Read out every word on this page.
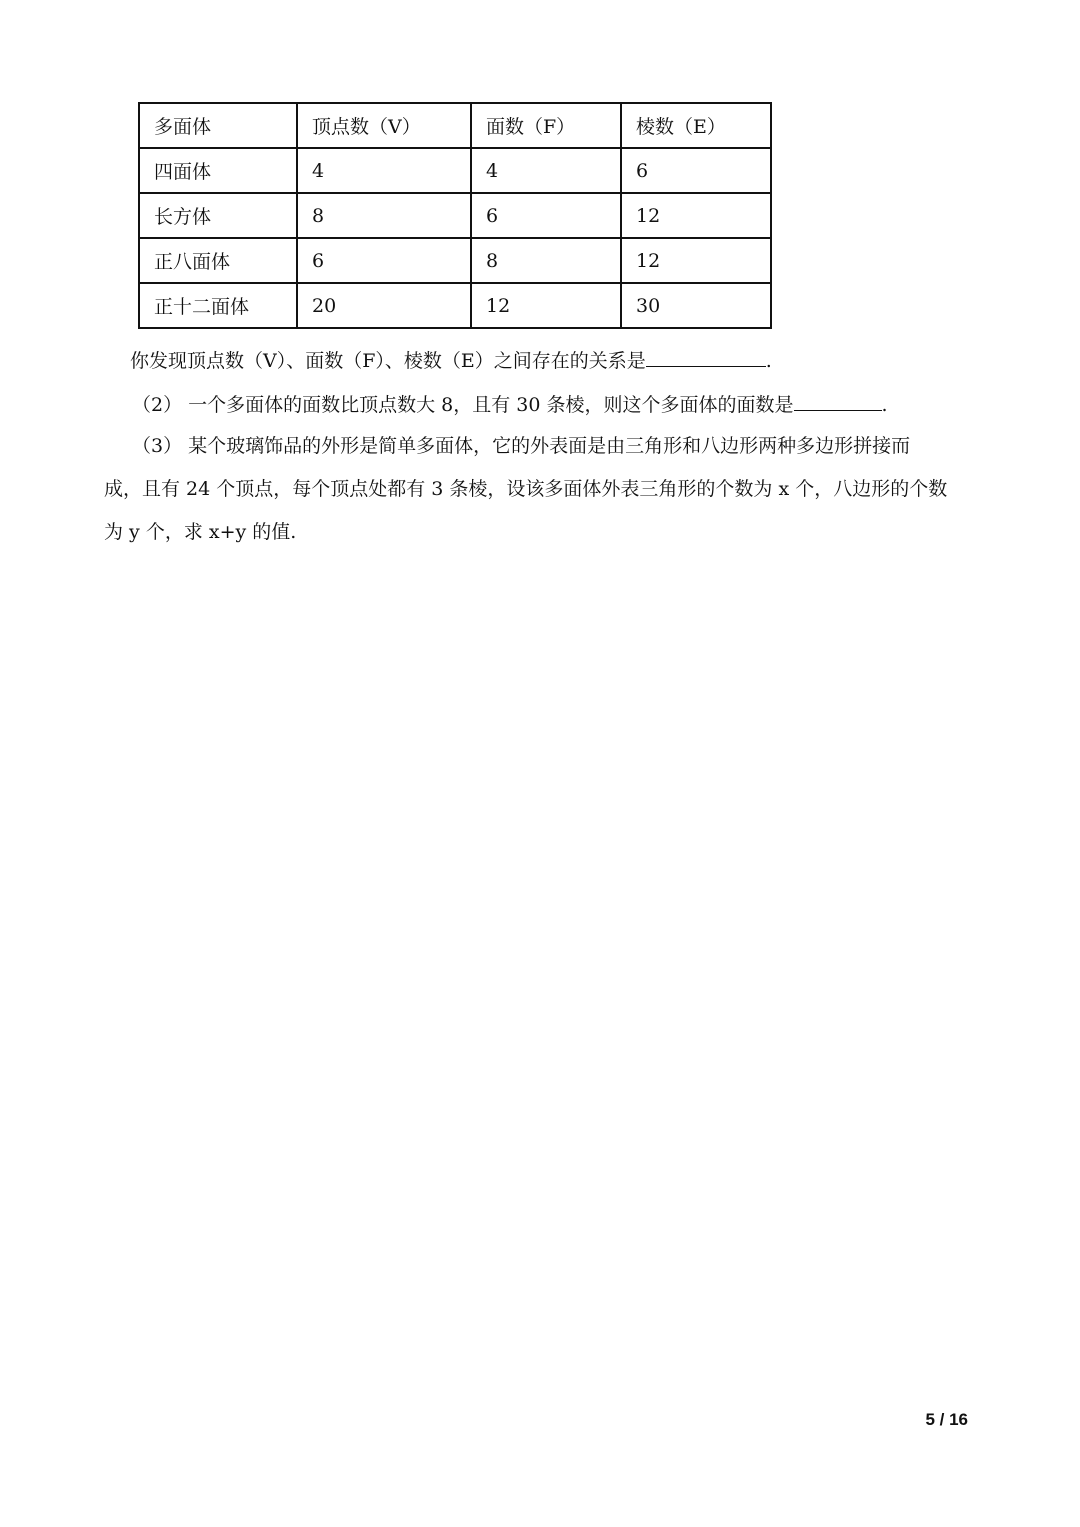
多面体	顶点数（V）	面数（F）	棱数（E）
四面体	4	4	6
长方体	8	6	12
正八面体	6	8	12
正十二面体	20	12	30
你发现顶点数（V）、面数（F）、棱数（E）之间存在的关系是	.
（2） 一个多面体的面数比顶点数大 8，且有 30 条棱，则这个多面体的面数是	.
（3） 某个玻璃饰品的外形是简单多面体，它的外表面是由三角形和八边形两种多边形拼接而
成，且有 24 个顶点，每个顶点处都有 3 条棱，设该多面体外表三角形的个数为 x 个，八边形的个数
为 y 个，求 x+y 的值.
5 / 16
